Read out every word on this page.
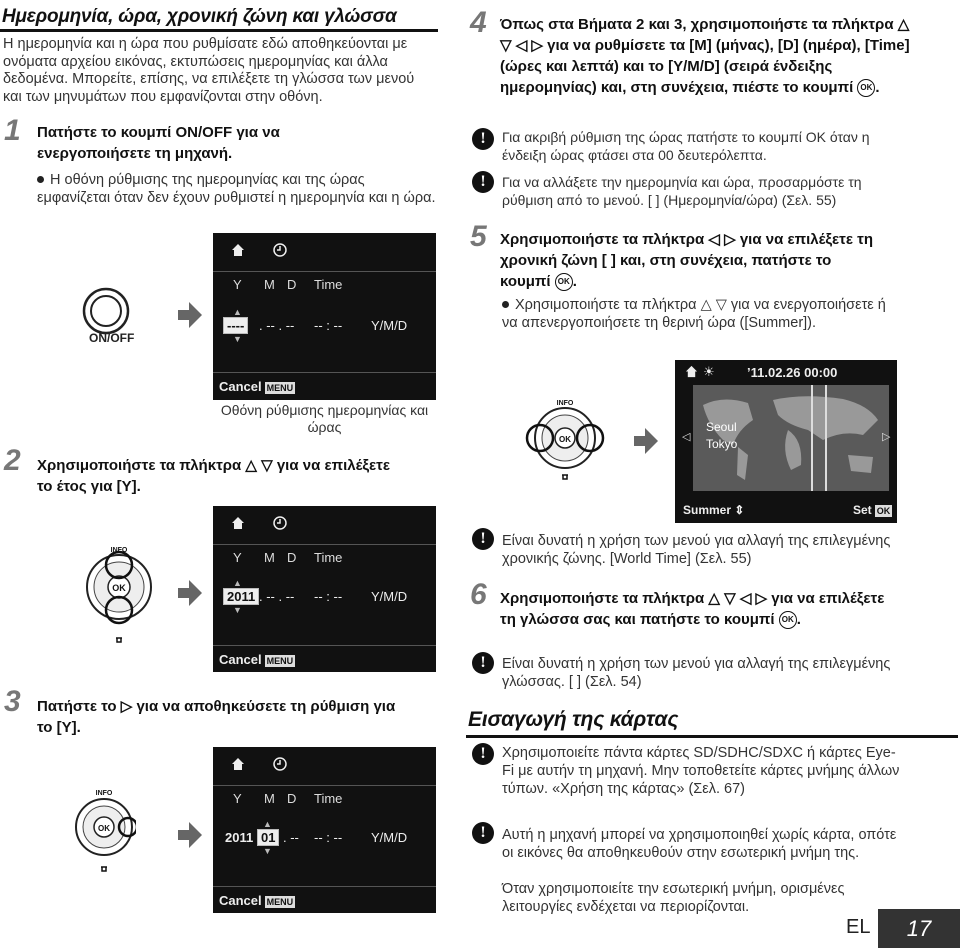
Ημερομηνία, ώρα, χρονική ζώνη και γλώσσα
Η ημερομηνία και η ώρα που ρυθμίσατε εδώ αποθηκεύονται με ονόματα αρχείου εικόνας, εκτυπώσεις ημερομηνίας και άλλα δεδομένα. Μπορείτε, επίσης, να επιλέξετε τη γλώσσα των μενού και των μηνυμάτων που εμφανίζονται στην οθόνη.
1 Πατήστε το κουμπί ON/OFF για να ενεργοποιήσετε τη μηχανή.
Η οθόνη ρύθμισης της ημερομηνίας και της ώρας εμφανίζεται όταν δεν έχουν ρυθμιστεί η ημερομηνία και η ώρα.
ON/OFF
Y M D Time
▲
----
▼
. -- . -- -- : -- Y/M/D
Cancel MENU
Οθόνη ρύθμισης ημερομηνίας και ώρας
2 Χρησιμοποιήστε τα πλήκτρα △ ▽ για να επιλέξετε το έτος για [Y].
OK
INFO	Y M D Time
▲
2011
▼
. -- . -- -- : -- Y/M/D
Cancel MENU
3 Πατήστε το ▷ για να αποθηκεύσετε τη ρύθμιση για το [Y].
OK
INFO	Y M D Time
2011
▲
01
▼
. -- -- : -- Y/M/D
Cancel MENU
4 Όπως στα Βήματα 2 και 3, χρησιμοποιήστε τα πλήκτρα △ ▽ ◁ ▷ για να ρυθμίσετε τα [M] (μήνας), [D] (ημέρα), [Time] (ώρες και λεπτά) και το [Y/M/D] (σειρά ένδειξης ημερομηνίας) και, στη συνέχεια, πιέστε το κουμπί OK .
!	Για ακριβή ρύθμιση της ώρας πατήστε το κουμπί OK όταν η ένδειξη ώρας φτάσει στα 00 δευτερόλεπτα.
!	Για να αλλάξετε την ημερομηνία και ώρα, προσαρμόστε τη ρύθμιση από το μενού. [ ] (Ημερομηνία/ώρα) (Σελ. 55)
5 Χρησιμοποιήστε τα πλήκτρα ◁ ▷ για να επιλέξετε τη χρονική ζώνη [ ] και, στη συνέχεια, πατήστε το κουμπί OK .
Χρησιμοποιήστε τα πλήκτρα △ ▽ για να ενεργοποιήσετε ή να απενεργοποιήσετε τη θερινή ώρα ([Summer]).
OK
INFO
☀ ’11.02.26 00:00
◁	▷
Seoul
Tokyo
Summer ⇕	Set OK
!	Είναι δυνατή η χρήση των μενού για αλλαγή της επιλεγμένης χρονικής ζώνης. [World Time] (Σελ. 55)
6 Χρησιμοποιήστε τα πλήκτρα △ ▽ ◁ ▷ για να επιλέξετε τη γλώσσα σας και πατήστε το κουμπί OK .
!	Είναι δυνατή η χρήση των μενού για αλλαγή της επιλεγμένης γλώσσας. [ ] (Σελ. 54)
Εισαγωγή της κάρτας
!	Χρησιμοποιείτε πάντα κάρτες SD/SDHC/SDXC ή κάρτες Eye-Fi με αυτήν τη μηχανή. Μην τοποθετείτε κάρτες μνήμης άλλων τύπων. «Χρήση της κάρτας» (Σελ. 67)
!	Αυτή η μηχανή μπορεί να χρησιμοποιηθεί χωρίς κάρτα, οπότε οι εικόνες θα αποθηκευθούν στην εσωτερική μνήμη της.
Όταν χρησιμοποιείτε την εσωτερική μνήμη, ορισμένες λειτουργίες ενδέχεται να περιορίζονται.
EL	17
